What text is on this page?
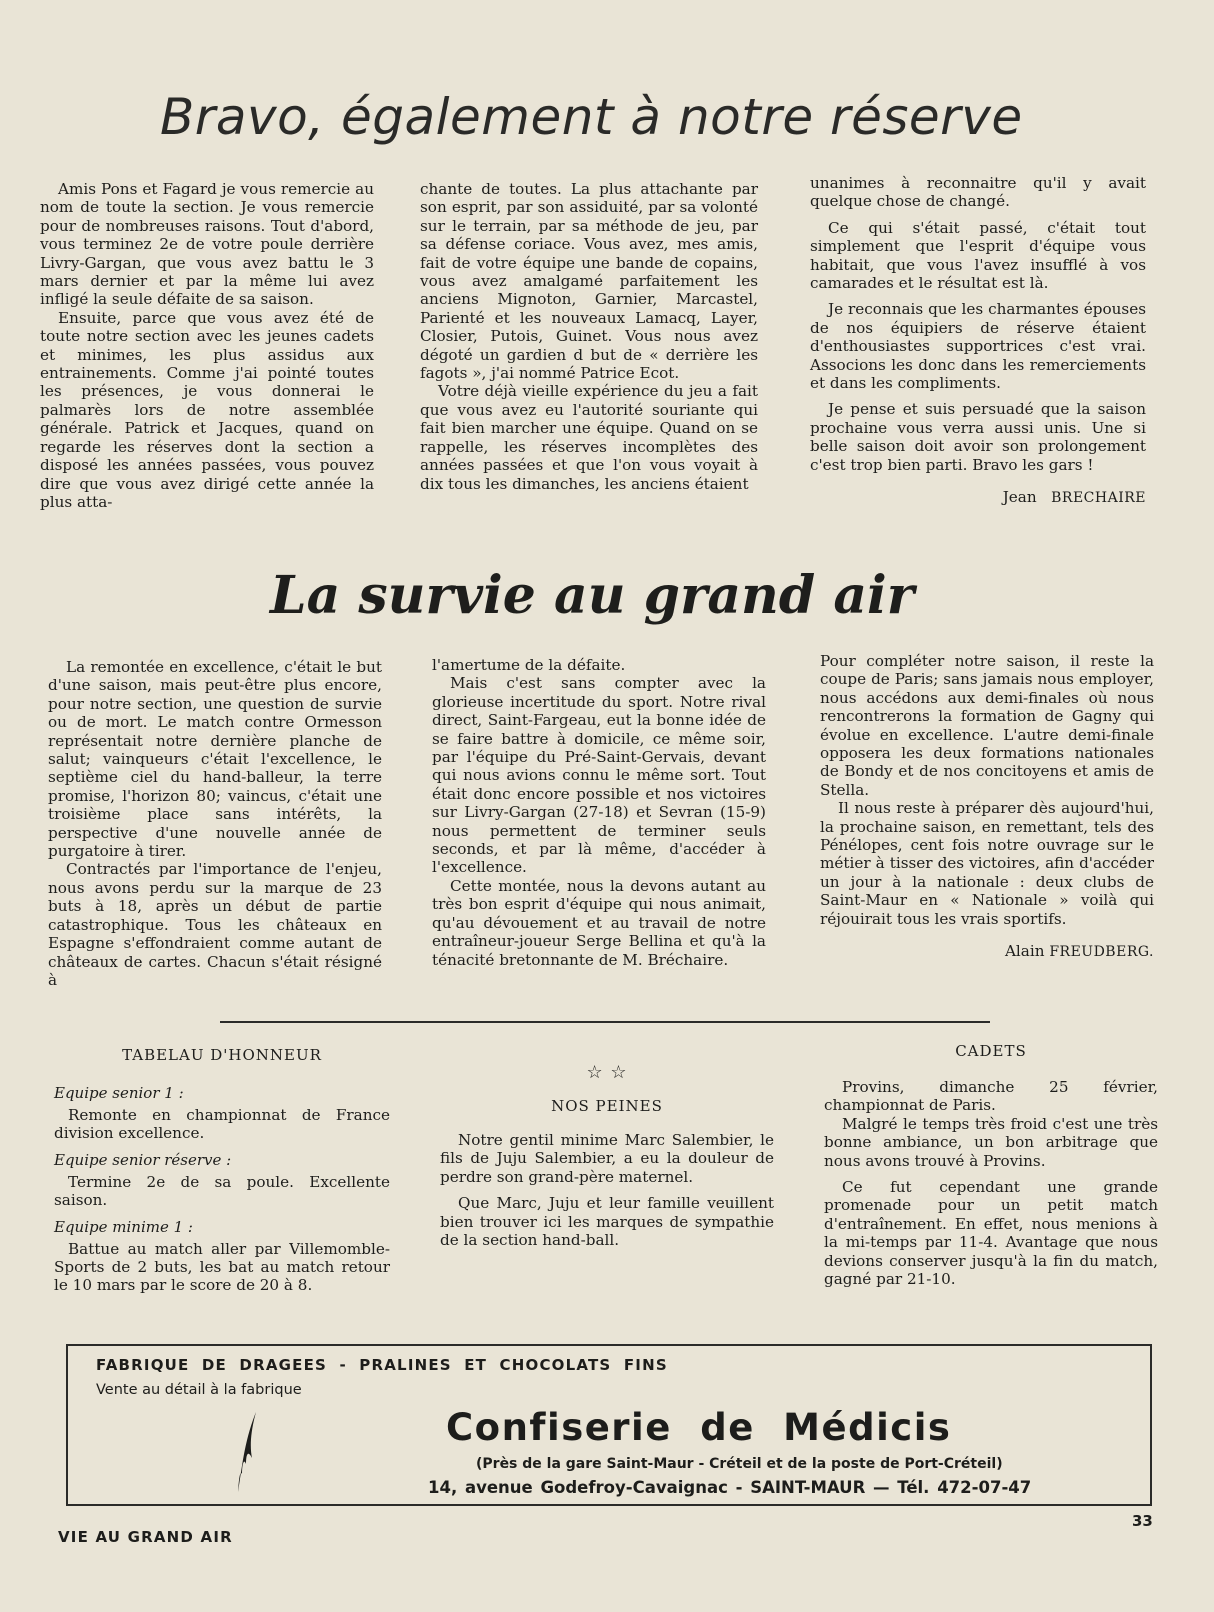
Bravo, également à notre réserve

Amis Pons et Fagard je vous remercie au nom de toute la section. Je vous remercie pour de nombreuses raisons. Tout d'abord, vous terminez 2e de votre poule derrière Livry-Gargan, que vous avez battu le 3 mars dernier et par la même lui avez infligé la seule défaite de sa saison.

Ensuite, parce que vous avez été de toute notre section avec les jeunes cadets et minimes, les plus assidus aux entrainements. Comme j'ai pointé toutes les présences, je vous donnerai le palmarès lors de notre assemblée générale. Patrick et Jacques, quand on regarde les réserves dont la section a disposé les années passées, vous pouvez dire que vous avez dirigé cette année la plus atta-

chante de toutes. La plus attachante par son esprit, par son assiduité, par sa volonté sur le terrain, par sa méthode de jeu, par sa défense coriace. Vous avez, mes amis, fait de votre équipe une bande de copains, vous avez amalgamé parfaitement les anciens Mignoton, Garnier, Marcastel, Parienté et les nouveaux Lamacq, Layer, Closier, Putois, Guinet. Vous nous avez dégoté un gardien d but de « derrière les fagots », j'ai nommé Patrice Ecot.

Votre déjà vieille expérience du jeu a fait que vous avez eu l'autorité souriante qui fait bien marcher une équipe. Quand on se rappelle, les réserves incomplètes des années passées et que l'on vous voyait à dix tous les dimanches, les anciens étaient

unanimes à reconnaitre qu'il y avait quelque chose de changé.

Ce qui s'était passé, c'était tout simplement que l'esprit d'équipe vous habitait, que vous l'avez insufflé à vos camarades et le résultat est là.

Je reconnais que les charmantes épouses de nos équipiers de réserve étaient d'enthousiastes supportrices c'est vrai. Associons les donc dans les remerciements et dans les compliments.

Je pense et suis persuadé que la saison prochaine vous verra aussi unis. Une si belle saison doit avoir son prolongement c'est trop bien parti. Bravo les gars !

Jean BRECHAIRE

La survie au grand air

La remontée en excellence, c'était le but d'une saison, mais peut-être plus encore, pour notre section, une question de survie ou de mort. Le match contre Ormesson représentait notre dernière planche de salut; vainqueurs c'était l'excellence, le septième ciel du hand-balleur, la terre promise, l'horizon 80; vaincus, c'était une troisième place sans intérêts, la perspective d'une nouvelle année de purgatoire à tirer.

Contractés par l'importance de l'enjeu, nous avons perdu sur la marque de 23 buts à 18, après un début de partie catastrophique. Tous les châteaux en Espagne s'effondraient comme autant de châteaux de cartes. Chacun s'était résigné à

l'amertume de la défaite.

Mais c'est sans compter avec la glorieuse incertitude du sport. Notre rival direct, Saint-Fargeau, eut la bonne idée de se faire battre à domicile, ce même soir, par l'équipe du Pré-Saint-Gervais, devant qui nous avions connu le même sort. Tout était donc encore possible et nos victoires sur Livry-Gargan (27-18) et Sevran (15-9) nous permettent de terminer seuls seconds, et par là même, d'accéder à l'excellence.

Cette montée, nous la devons autant au très bon esprit d'équipe qui nous animait, qu'au dévouement et au travail de notre entraîneur-joueur Serge Bellina et qu'à la ténacité bretonnante de M. Bréchaire.

Pour compléter notre saison, il reste la coupe de Paris; sans jamais nous employer, nous accédons aux demi-finales où nous rencontrerons la formation de Gagny qui évolue en excellence. L'autre demi-finale opposera les deux formations nationales de Bondy et de nos concitoyens et amis de Stella.

Il nous reste à préparer dès aujourd'hui, la prochaine saison, en remettant, tels des Pénélopes, cent fois notre ouvrage sur le métier à tisser des victoires, afin d'accéder un jour à la nationale : deux clubs de Saint-Maur en « Nationale » voilà qui réjouirait tous les vrais sportifs.

Alain FREUDBERG.

TABELAU D'HONNEUR
Equipe senior 1 :

Remonte en championnat de France division excellence.

Equipe senior réserve :

Termine 2e de sa poule. Excellente saison.

Equipe minime 1 :

Battue au match aller par Villemomble-Sports de 2 buts, les bat au match retour le 10 mars par le score de 20 à 8.

☆ ☆
NOS PEINES

Notre gentil minime Marc Salembier, le fils de Juju Salembier, a eu la douleur de perdre son grand-père maternel.

Que Marc, Juju et leur famille veuillent bien trouver ici les marques de sympathie de la section hand-ball.

CADETS

Provins, dimanche 25 février, championnat de Paris.

Malgré le temps très froid c'est une très bonne ambiance, un bon arbitrage que nous avons trouvé à Provins.

Ce fut cependant une grande promenade pour un petit match d'entraînement. En effet, nous menions à la mi-temps par 11-4. Avantage que nous devions conserver jusqu'à la fin du match, gagné par 21-10.

FABRIQUE DE DRAGEES - PRALINES ET CHOCOLATS FINS
Vente au détail à la fabrique
Confiserie de Médicis
(Près de la gare Saint-Maur - Créteil et de la poste de Port-Créteil)
14, avenue Godefroy-Cavaignac - SAINT-MAUR — Tél. 472-07-47
VIE AU GRAND AIR
33
